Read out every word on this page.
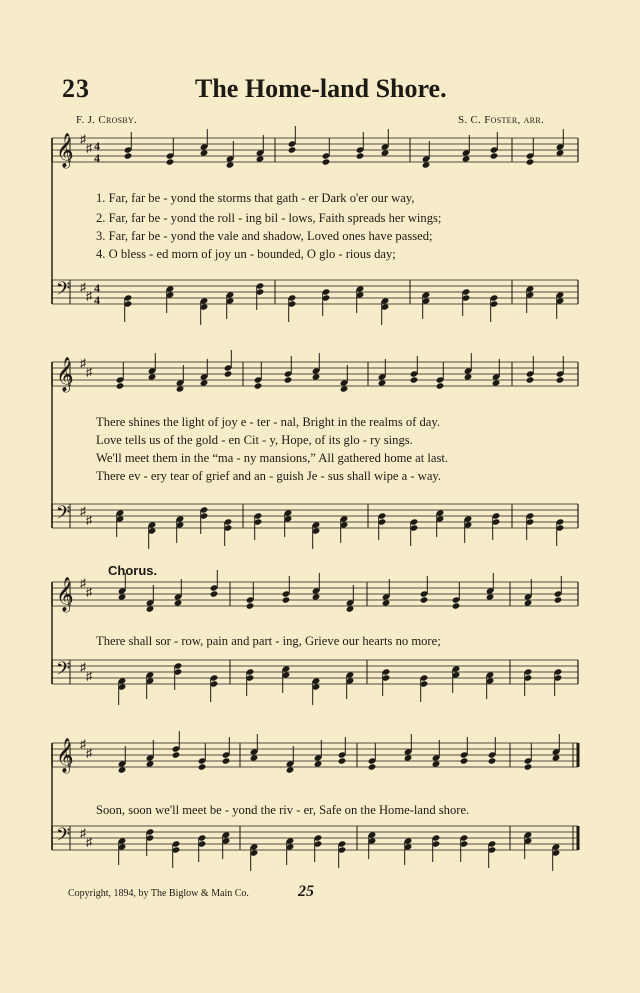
23	The Home-land Shore.
F. J. Crosby.	S. C. Foster, arr.
𝄞 ♯
♯ 4
4
𝄢 ♯
♯
4
4
𝄞 ♯
♯
𝄢 ♯
♯
𝄞 ♯
♯
𝄢 ♯
♯
𝄞 ♯
♯
𝄢 ♯
♯
1. Far, far be - yond the storms that gath - er Dark o'er our way,
2. Far, far be - yond the roll - ing bil - lows, Faith spreads her wings;
3. Far, far be - yond the vale and shadow, Loved ones have passed;
4. O bless - ed morn of joy un - bounded, O glo - rious day;
There shines the light of joy e - ter - nal, Bright in the realms of day.
Love tells us of the gold - en Cit - y, Hope, of its glo - ry sings.
We'll meet them in the “ma - ny mansions,” All gathered home at last.
There ev - ery tear of grief and an - guish Je - sus shall wipe a - way.
Chorus.
There shall sor - row, pain and part - ing, Grieve our hearts no more;
Soon, soon we'll meet be - yond the riv - er, Safe on the Home-land shore.
Copyright, 1894, by The Biglow & Main Co.	25
